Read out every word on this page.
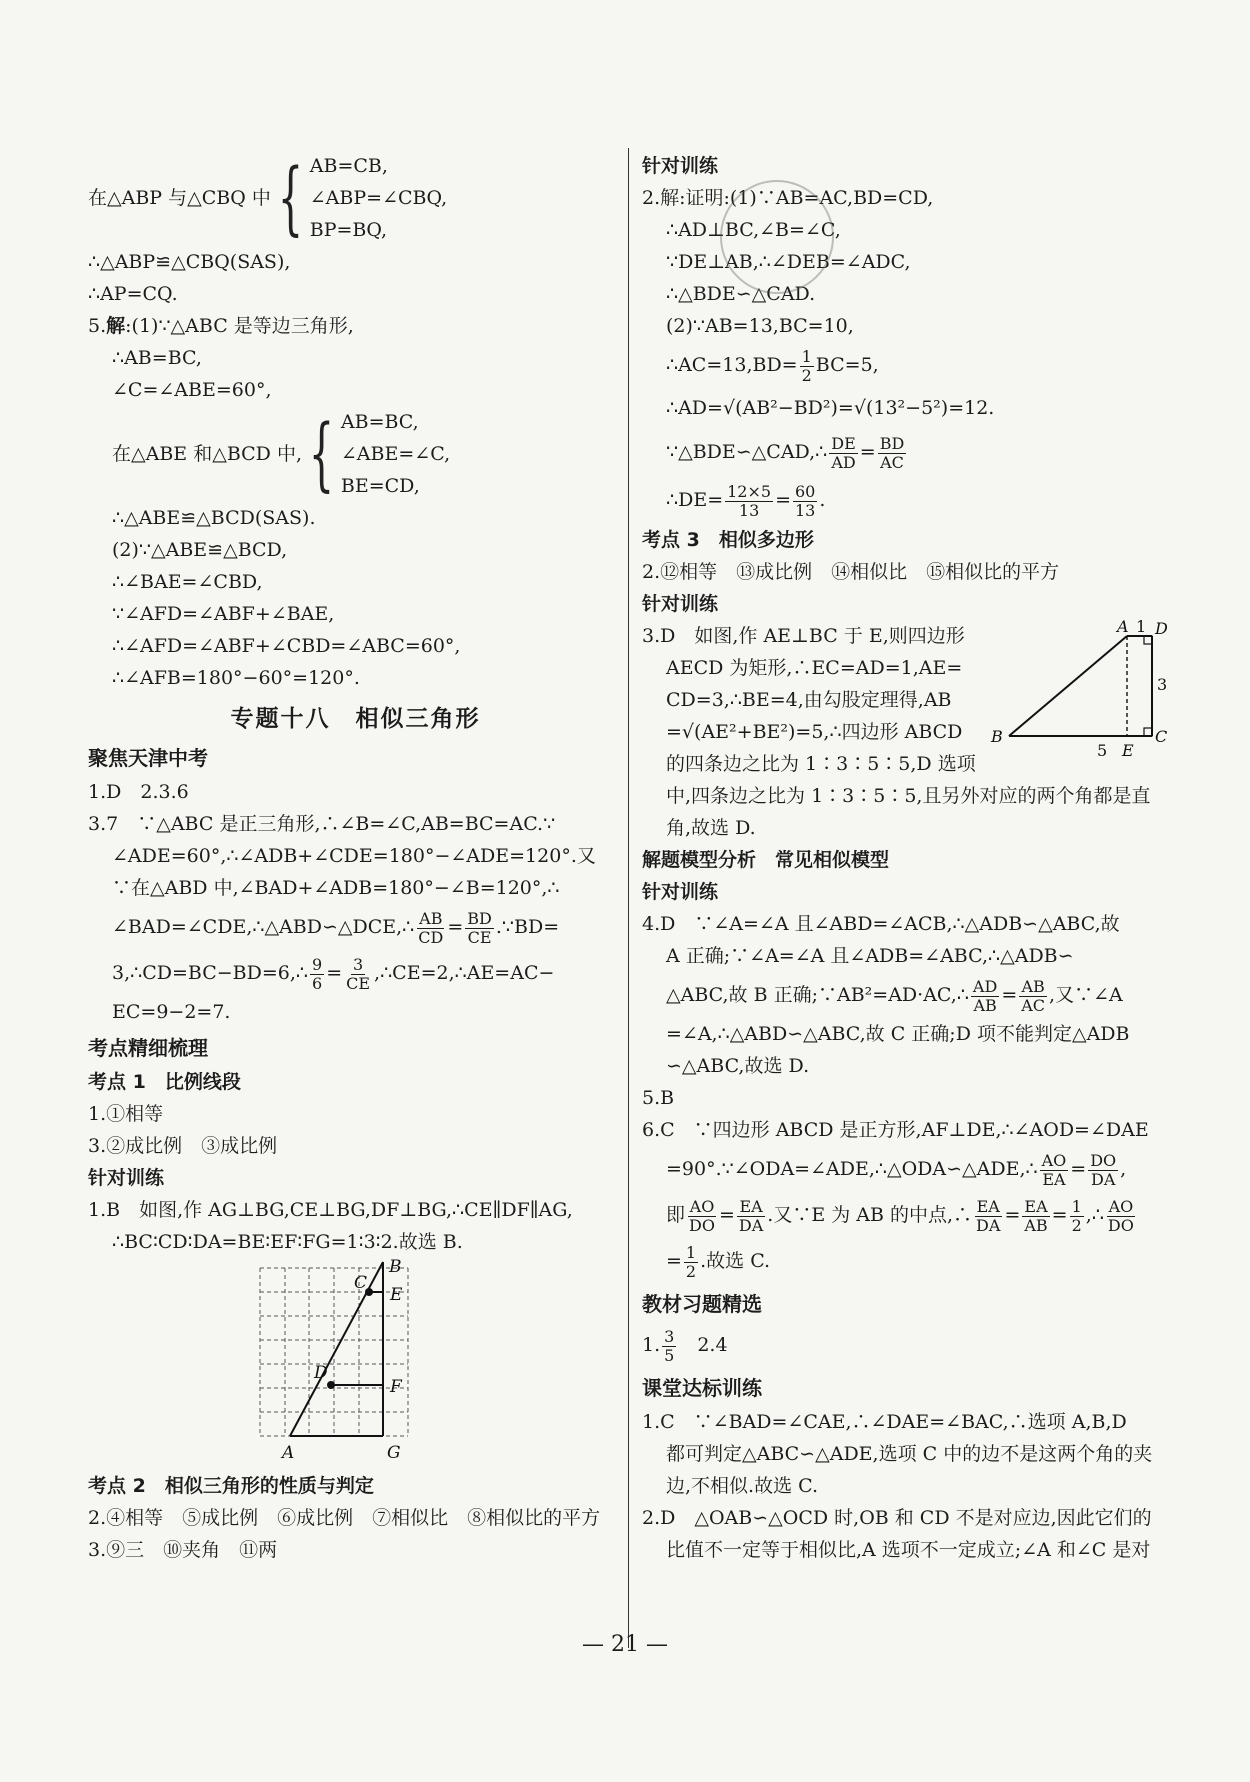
在△ABP 与△CBQ 中 { AB=CB,
∠ABP=∠CBQ,
BP=BQ,
∴△ABP≌△CBQ(SAS),
∴AP=CQ.
5.解:(1)∵△ABC 是等边三角形,
∴AB=BC,
∠C=∠ABE=60°,
在△ABE 和△BCD 中, { AB=BC,
∠ABE=∠C,
BE=CD,
∴△ABE≌△BCD(SAS).
(2)∵△ABE≌△BCD,
∴∠BAE=∠CBD,
∵∠AFD=∠ABF+∠BAE,
∴∠AFD=∠ABF+∠CBD=∠ABC=60°,
∴∠AFB=180°−60°=120°.
专题十八　相似三角形
聚焦天津中考
1.D　2.3.6
3.7　∵△ABC 是正三角形,∴∠B=∠C,AB=BC=AC.∵
∠ADE=60°,∴∠ADB+∠CDE=180°−∠ADE=120°.又
∵在△ABD 中,∠BAD+∠ADB=180°−∠B=120°,∴
∠BAD=∠CDE,∴△ABD∽△DCE,∴ $\frac{AB}{CD} = \frac{BD}{CE}$ .∵BD=
3,∴CD=BC−BD=6,∴ $\frac{9}{6} = \frac{3}{CE}$ ,∴CE=2,∴AE=AC−
EC=9−2=7.
考点精细梳理
考点 1　比例线段
1.①相等
3.②成比例　③成比例
针对训练
1.B　如图,作 AG⊥BG,CE⊥BG,DF⊥BG,∴CE∥DF∥AG,
∴BC∶CD∶DA=BE∶EF∶FG=1∶3∶2.故选 B.
B
C
E
D
F
A	G
考点 2　相似三角形的性质与判定
2.④相等　⑤成比例　⑥成比例　⑦相似比　⑧相似比的平方
3.⑨三　⑩夹角　⑪两
针对训练
2.解:证明:(1)∵AB=AC,BD=CD,
∴AD⊥BC,∠B=∠C,
∵DE⊥AB,∴∠DEB=∠ADC,
∴△BDE∽△CAD.
(2)∵AB=13,BC=10,
∴AC=13,BD= $\frac{1}{2} BC=5$,
∴AD=√(AB²−BD²)=√(13²−5²)=12.
∵△BDE∽△CAD,∴ $\frac{DE}{AD} = \frac{BD}{AC}$
∴DE= $\frac{12\times 5}{13} = \frac{60}{13}$ .
考点 3　相似多边形
2.⑫相等　⑬成比例　⑭相似比　⑮相似比的平方
针对训练
3.D　如图,作 AE⊥BC 于 E,则四边形
AECD 为矩形,∴EC=AD=1,AE=
CD=3,∴BE=4,由勾股定理得,AB
=√(AE²+BE²)=5,∴四边形 ABCD
的四条边之比为 1∶3∶5∶5,D 选项
中,四条边之比为 1∶3∶5∶5,且另外对应的两个角都是直
角,故选 D.
A 1 D
3
B
5 E
C
解题模型分析　常见相似模型
针对训练
4.D　∵∠A=∠A 且∠ABD=∠ACB,∴△ADB∽△ABC,故
A 正确;∵∠A=∠A 且∠ADB=∠ABC,∴△ADB∽
△ABC,故 B 正确;∵AB²=AD·AC,∴ $\frac{AD}{AB} = \frac{AB}{AC}$ ,又∵∠A
=∠A,∴△ABD∽△ABC,故 C 正确;D 项不能判定△ADB
∽△ABC,故选 D.
5.B
6.C　∵四边形 ABCD 是正方形,AF⊥DE,∴∠AOD=∠DAE
=90°.∵∠ODA=∠ADE,∴△ODA∽△ADE,∴ $\frac{AO}{EA} = \frac{DO}{DA}$ ,
即 $\frac{AO}{DO} = \frac{EA}{DA}$ .又∵E 为 AB 的中点,∴ $\frac{EA}{DA} = \frac{EA}{AB} = \frac{1}{2}$ ,∴ $\frac{AO}{DO}$
= $\frac{1}{2}$ .故选 C.
教材习题精选
1. $\frac{3}{5}$ 　2.4
课堂达标训练
1.C　∵∠BAD=∠CAE,∴∠DAE=∠BAC,∴选项 A,B,D
都可判定△ABC∽△ADE,选项 C 中的边不是这两个角的夹
边,不相似.故选 C.
2.D　△OAB∽△OCD 时,OB 和 CD 不是对应边,因此它们的
比值不一定等于相似比,A 选项不一定成立;∠A 和∠C 是对
— 21 —
